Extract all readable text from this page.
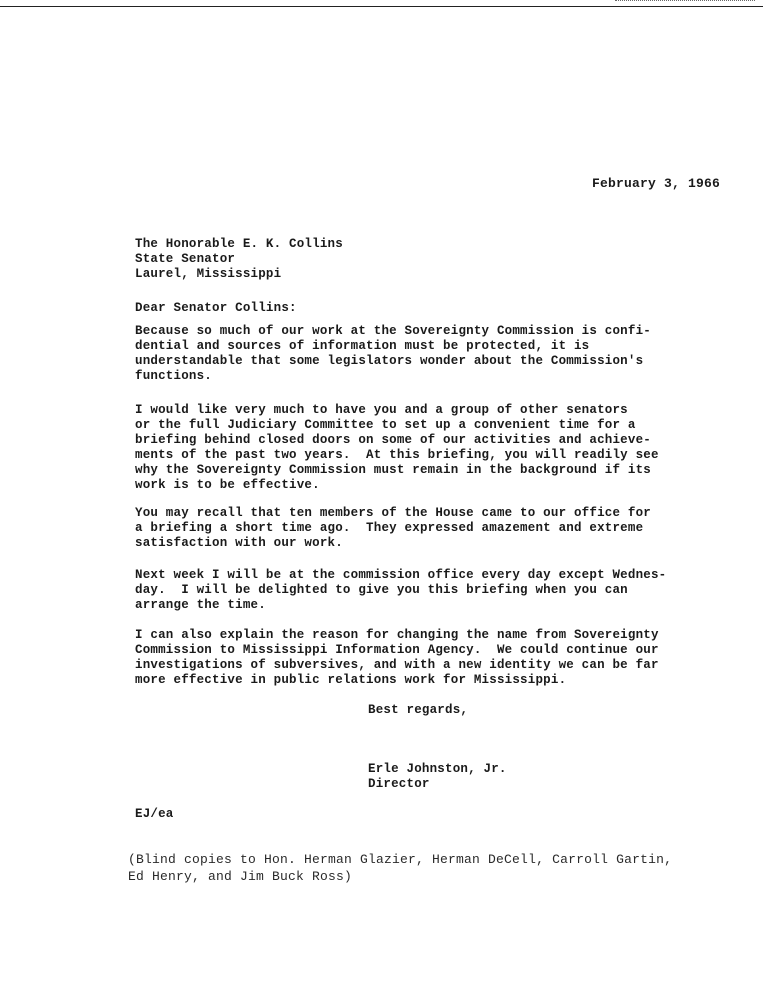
February 3, 1966
The Honorable E. K. Collins
State Senator
Laurel, Mississippi
Dear Senator Collins:
Because so much of our work at the Sovereignty Commission is confi-
dential and sources of information must be protected, it is
understandable that some legislators wonder about the Commission's
functions.
I would like very much to have you and a group of other senators
or the full Judiciary Committee to set up a convenient time for a
briefing behind closed doors on some of our activities and achieve-
ments of the past two years.  At this briefing, you will readily see
why the Sovereignty Commission must remain in the background if its
work is to be effective.
You may recall that ten members of the House came to our office for
a briefing a short time ago.  They expressed amazement and extreme
satisfaction with our work.
Next week I will be at the commission office every day except Wednes-
day.  I will be delighted to give you this briefing when you can
arrange the time.
I can also explain the reason for changing the name from Sovereignty
Commission to Mississippi Information Agency.  We could continue our
investigations of subversives, and with a new identity we can be far
more effective in public relations work for Mississippi.
Best regards,
Erle Johnston, Jr.
Director
EJ/ea
(Blind copies to Hon. Herman Glazier, Herman DeCell, Carroll Gartin,
Ed Henry, and Jim Buck Ross)
